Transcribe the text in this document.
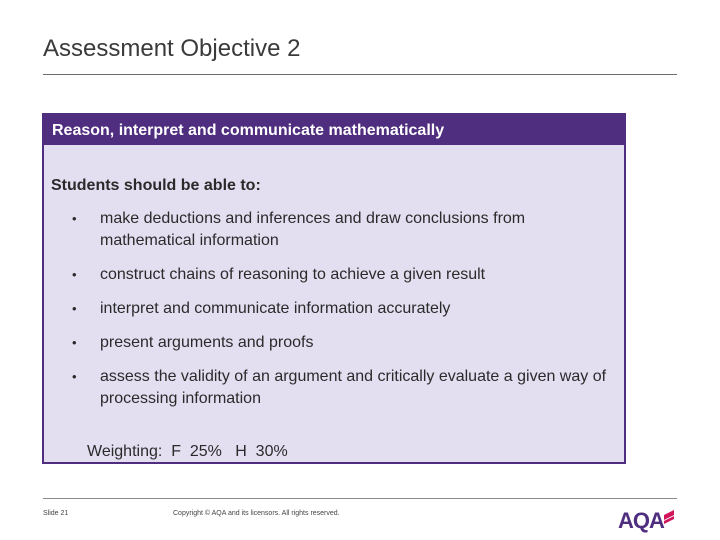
Assessment Objective 2
Reason, interpret and communicate mathematically
Students should be able to:
• make deductions and inferences and draw conclusions from mathematical information
• construct chains of reasoning to achieve a given result
• interpret and communicate information accurately
• present arguments and proofs
• assess the validity of an argument and critically evaluate a given way of processing information
Weighting:  F  25%   H  30%
Slide 21	Copyright © AQA and its licensors. All rights reserved.	AQA
